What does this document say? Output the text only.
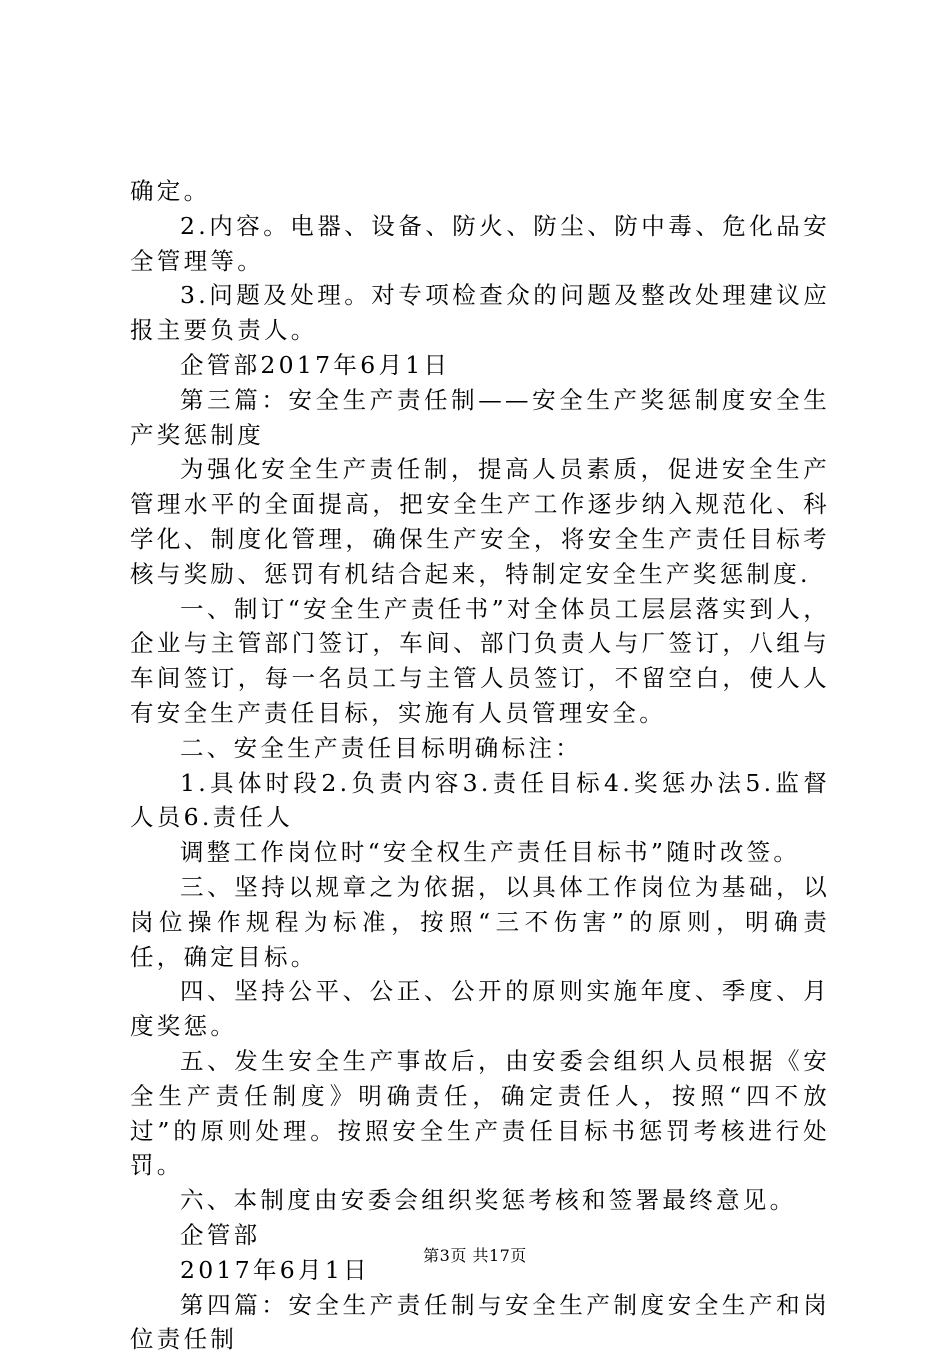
确定。

2.内容。电器、设备、防火、防尘、防中毒、危化品安全管理等。

3.问题及处理。对专项检查众的问题及整改处理建议应报主要负责人。

企管部2017年6月1日

第三篇：安全生产责任制——安全生产奖惩制度安全生产奖惩制度

为强化安全生产责任制，提高人员素质，促进安全生产管理水平的全面提高，把安全生产工作逐步纳入规范化、科学化、制度化管理，确保生产安全，将安全生产责任目标考核与奖励、惩罚有机结合起来，特制定安全生产奖惩制度.

一、制订“安全生产责任书”对全体员工层层落实到人，企业与主管部门签订，车间、部门负责人与厂签订，八组与车间签订，每一名员工与主管人员签订，不留空白，使人人有安全生产责任目标，实施有人员管理安全。

二、安全生产责任目标明确标注：

1.具体时段2.负责内容3.责任目标4.奖惩办法5.监督人员6.责任人

调整工作岗位时“安全权生产责任目标书”随时改签。

三、坚持以规章之为依据，以具体工作岗位为基础，以岗位操作规程为标准，按照“三不伤害”的原则，明确责任，确定目标。

四、坚持公平、公正、公开的原则实施年度、季度、月度奖惩。

五、发生安全生产事故后，由安委会组织人员根据《安全生产责任制度》明确责任，确定责任人，按照“四不放过”的原则处理。按照安全生产责任目标书惩罚考核进行处罚。

六、本制度由安委会组织奖惩考核和签署最终意见。

企管部

2017年6月1日

第四篇：安全生产责任制与安全生产制度安全生产和岗位责任制

第3页 共17页
